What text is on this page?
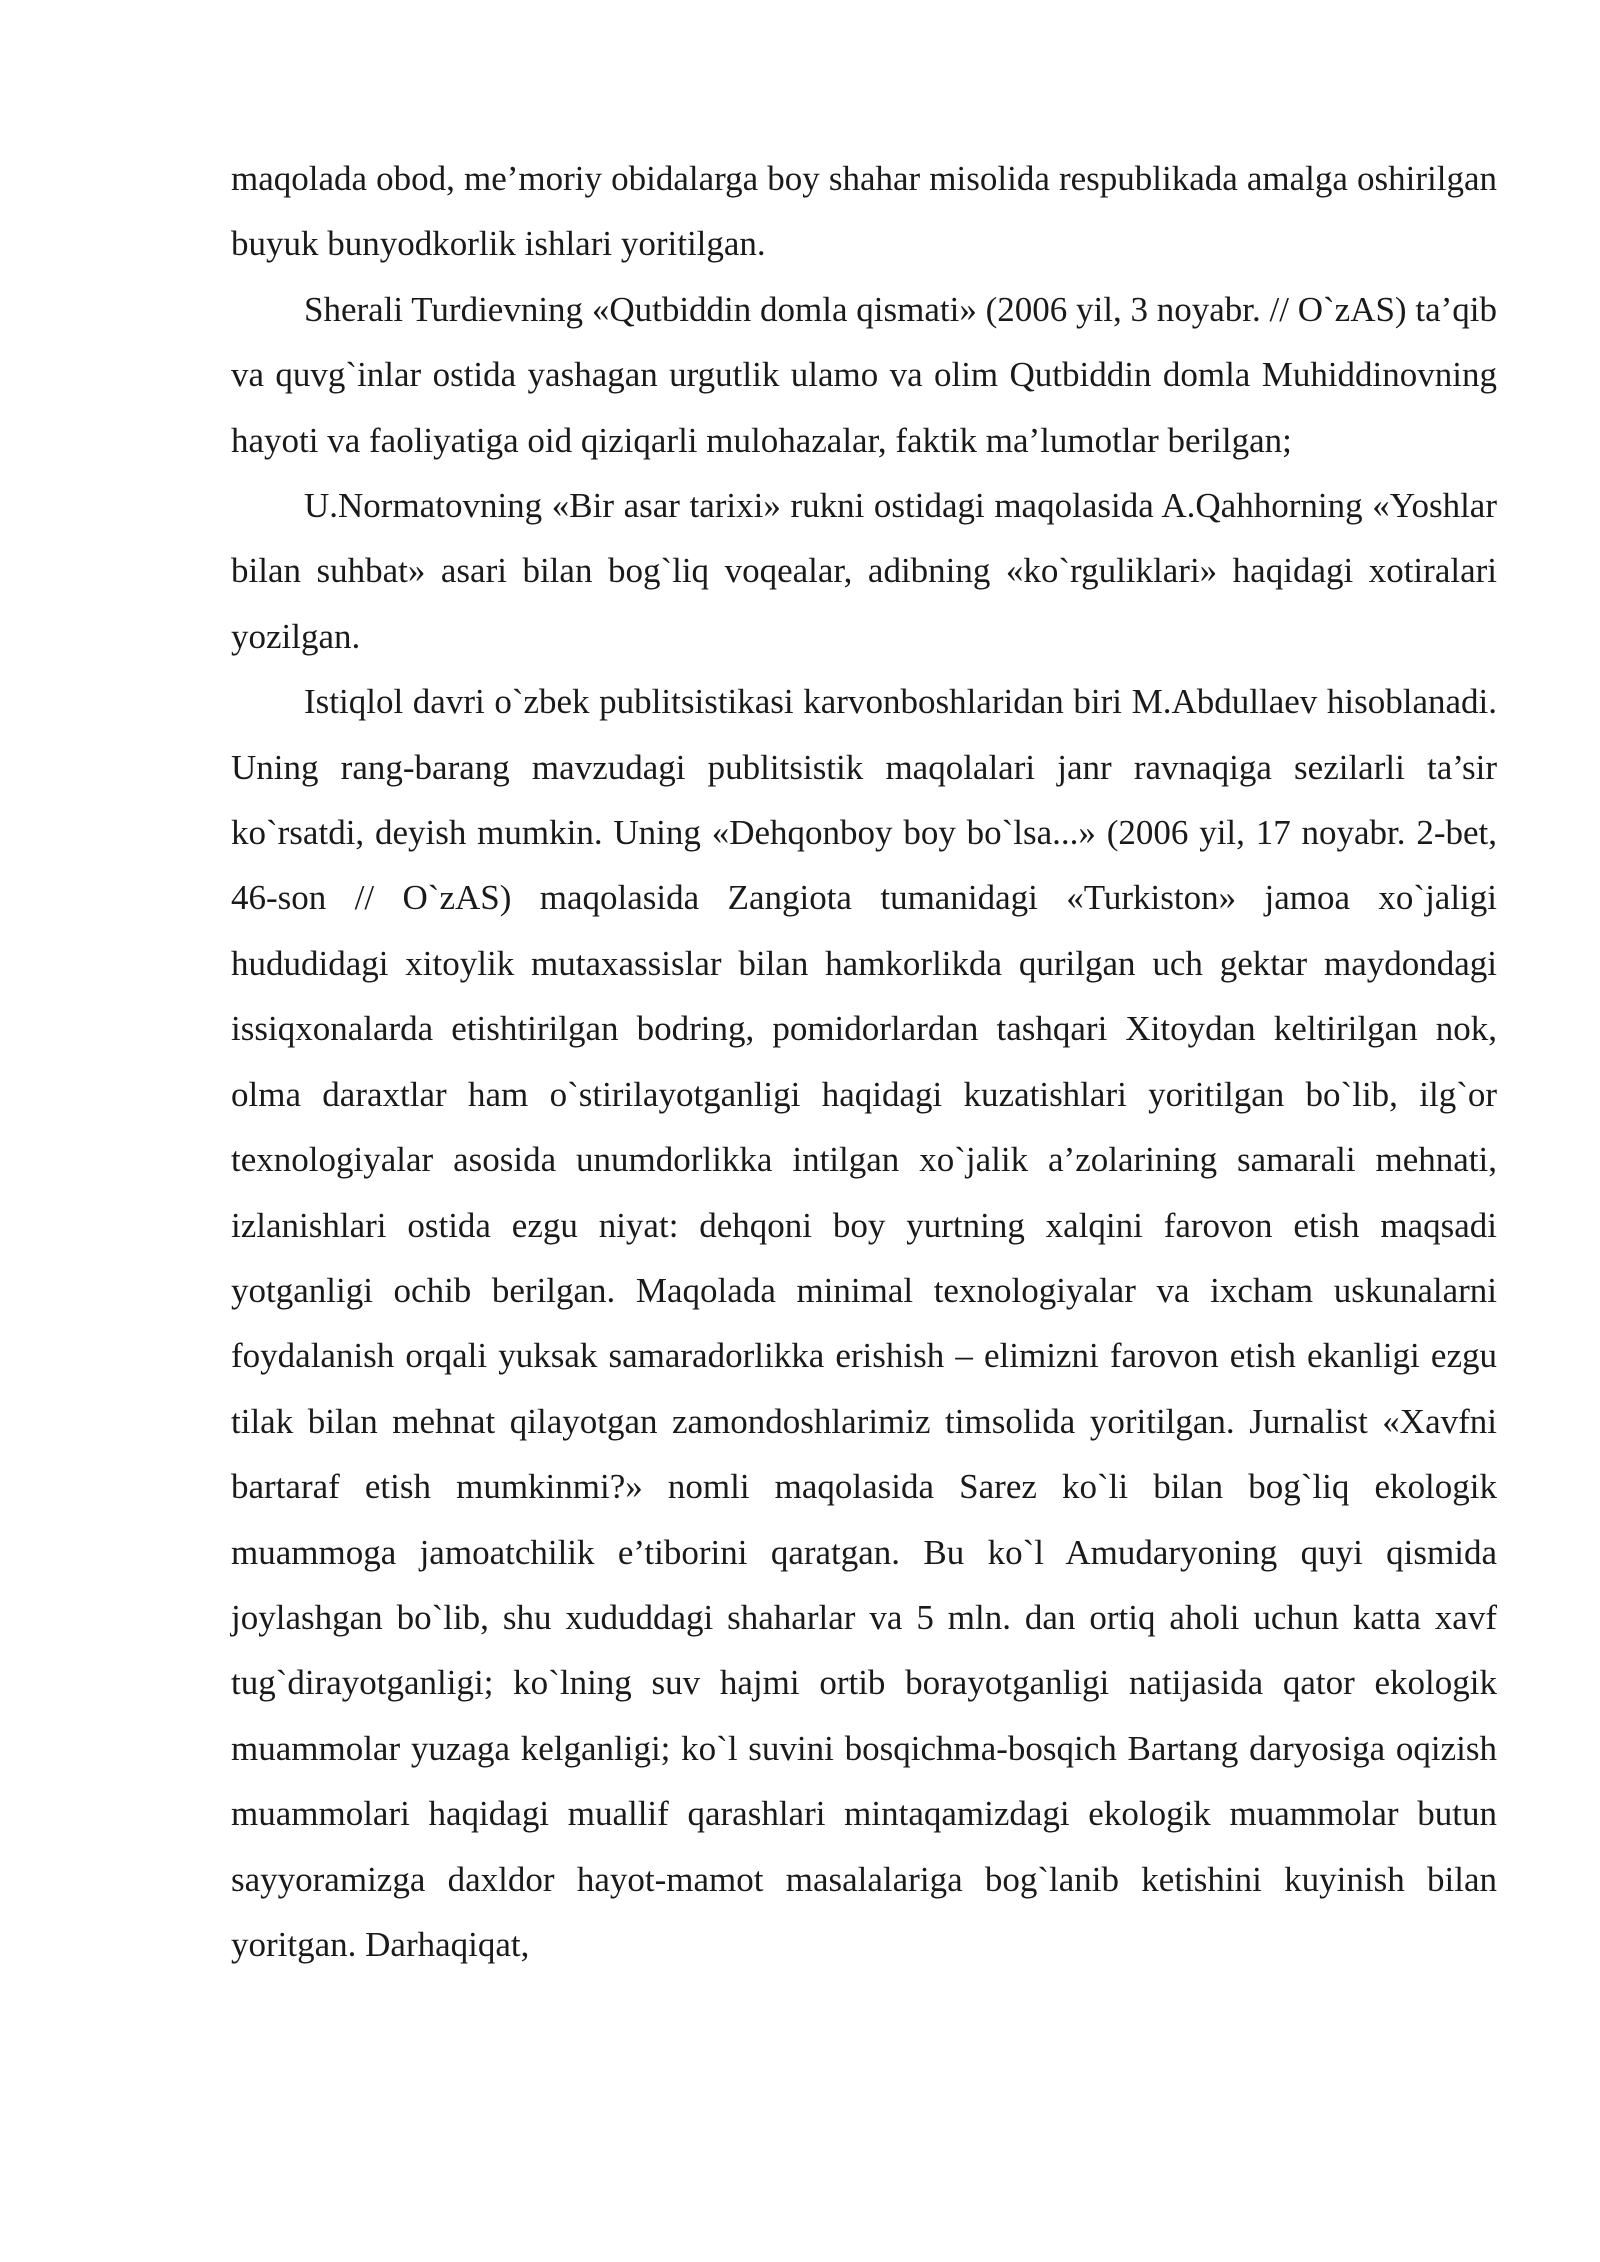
maqolada obod, me’moriy obidalarga boy shahar misolida respublikada amalga oshirilgan buyuk bunyodkorlik ishlari yoritilgan.

Sherali Turdievning «Qutbiddin domla qismati» (2006 yil, 3 noyabr. // O`zAS) ta’qib va quvg`inlar ostida yashagan urgutlik ulamo va olim Qutbiddin domla Muhiddinovning hayoti va faoliyatiga oid qiziqarli mulohazalar, faktik ma’lumotlar berilgan;

U.Normatovning «Bir asar tarixi» rukni ostidagi maqolasida A.Qahhorning «Yoshlar bilan suhbat» asari bilan bog`liq voqealar, adibning «ko`rguliklari» haqidagi xotiralari yozilgan.

Istiqlol davri o`zbek publitsistikasi karvonboshlaridan biri M.Abdullaev hisoblanadi. Uning rang-barang mavzudagi publitsistik maqolalari janr ravnaqiga sezilarli ta’sir ko`rsatdi, deyish mumkin. Uning «Dehqonboy boy bo`lsa...» (2006 yil, 17 noyabr. 2-bet, 46-son // O`zAS) maqolasida Zangiota tumanidagi «Turkiston» jamoa xo`jaligi hududidagi xitoylik mutaxassislar bilan hamkorlikda qurilgan uch gektar maydondagi issiqxonalarda etishtirilgan bodring, pomidorlardan tashqari Xitoydan keltirilgan nok, olma daraxtlar ham o`stirilayotganligi haqidagi kuzatishlari yoritilgan bo`lib, ilg`or texnologiyalar asosida unumdorlikka intilgan xo`jalik a’zolarining samarali mehnati, izlanishlari ostida ezgu niyat: dehqoni boy yurtning xalqini farovon etish maqsadi yotganligi ochib berilgan. Maqolada minimal texnologiyalar va ixcham uskunalarni foydalanish orqali yuksak samaradorlikka erishish – elimizni farovon etish ekanligi ezgu tilak bilan mehnat qilayotgan zamondoshlarimiz timsolida yoritilgan. Jurnalist «Xavfni bartaraf etish mumkinmi?» nomli maqolasida Sarez ko`li bilan bog`liq ekologik muammoga jamoatchilik e’tiborini qaratgan. Bu ko`l Amudaryoning quyi qismida joylashgan bo`lib, shu xududdagi shaharlar va 5 mln. dan ortiq aholi uchun katta xavf tug`dirayotganligi; ko`lning suv hajmi ortib borayotganligi natijasida qator ekologik muammolar yuzaga kelganligi; ko`l suvini bosqichma-bosqich Bartang daryosiga oqizish muammolari haqidagi muallif qarashlari mintaqamizdagi ekologik muammolar butun sayyoramizga daxldor hayot-mamot masalalariga bog`lanib ketishini kuyinish bilan yoritgan. Darhaqiqat,
